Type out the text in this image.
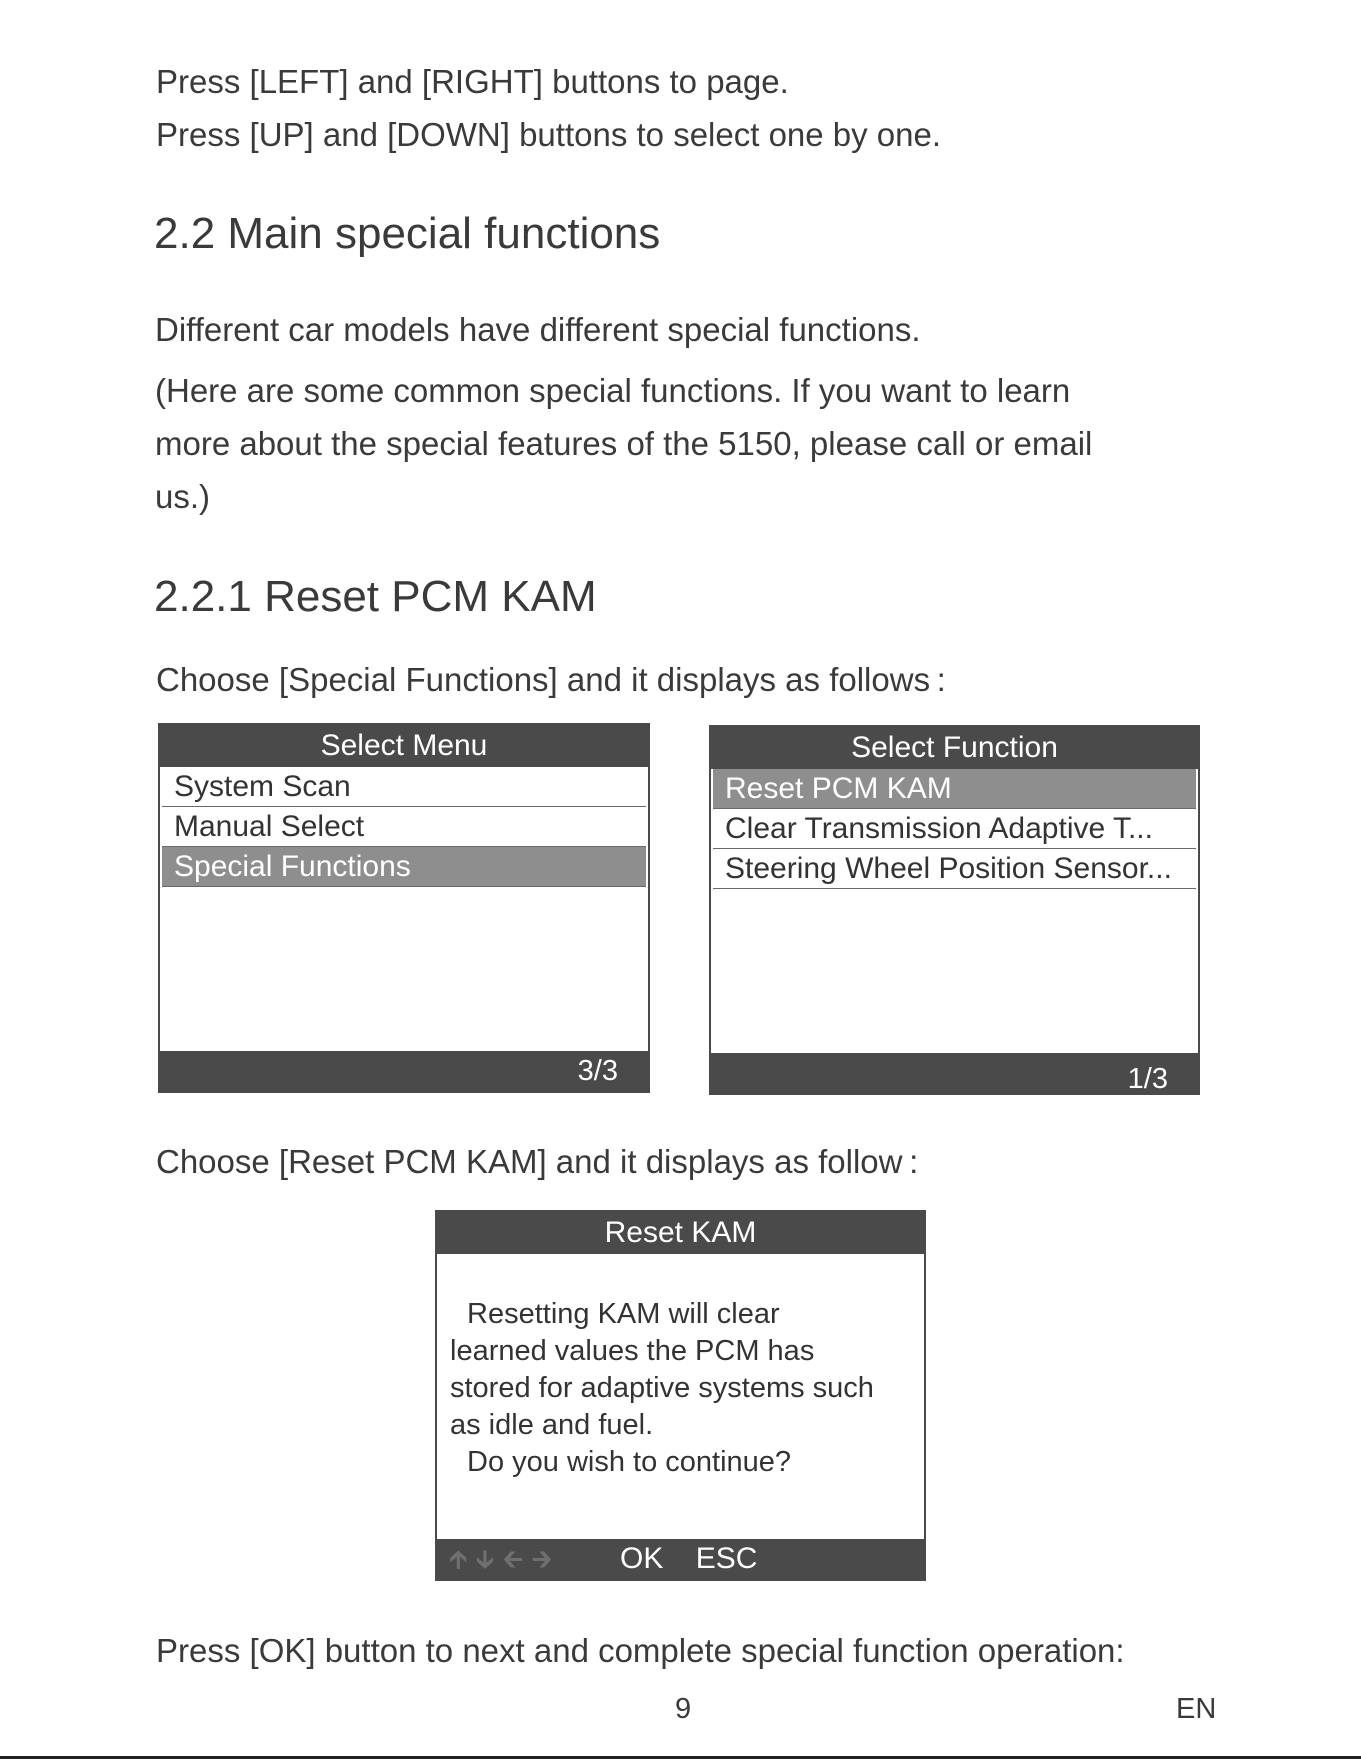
Press [LEFT] and [RIGHT] buttons to page.
Press [UP] and [DOWN] buttons to select one by one.
2.2 Main special functions
Different car models have different special functions.
(Here are some common special functions. If you want to learn
more about the special features of the 5150, please call or email
us.)
2.2.1 Reset PCM KAM
Choose [Special Functions] and it displays as follows :
Select Menu
System Scan
Manual Select
Special Functions
3/3
Select Function
Reset PCM KAM
Clear Transmission Adaptive T...
Steering Wheel Position Sensor...
1/3
Choose [Reset PCM KAM] and it displays as follow :
Reset KAM
Resetting KAM will clear
learned values the PCM has
stored for adaptive systems such
as idle and fuel.
Do you wish to continue?
🡱 🡳 🡰 🡲 OK ESC
Press [OK] button to next and complete special function operation:
9	EN
